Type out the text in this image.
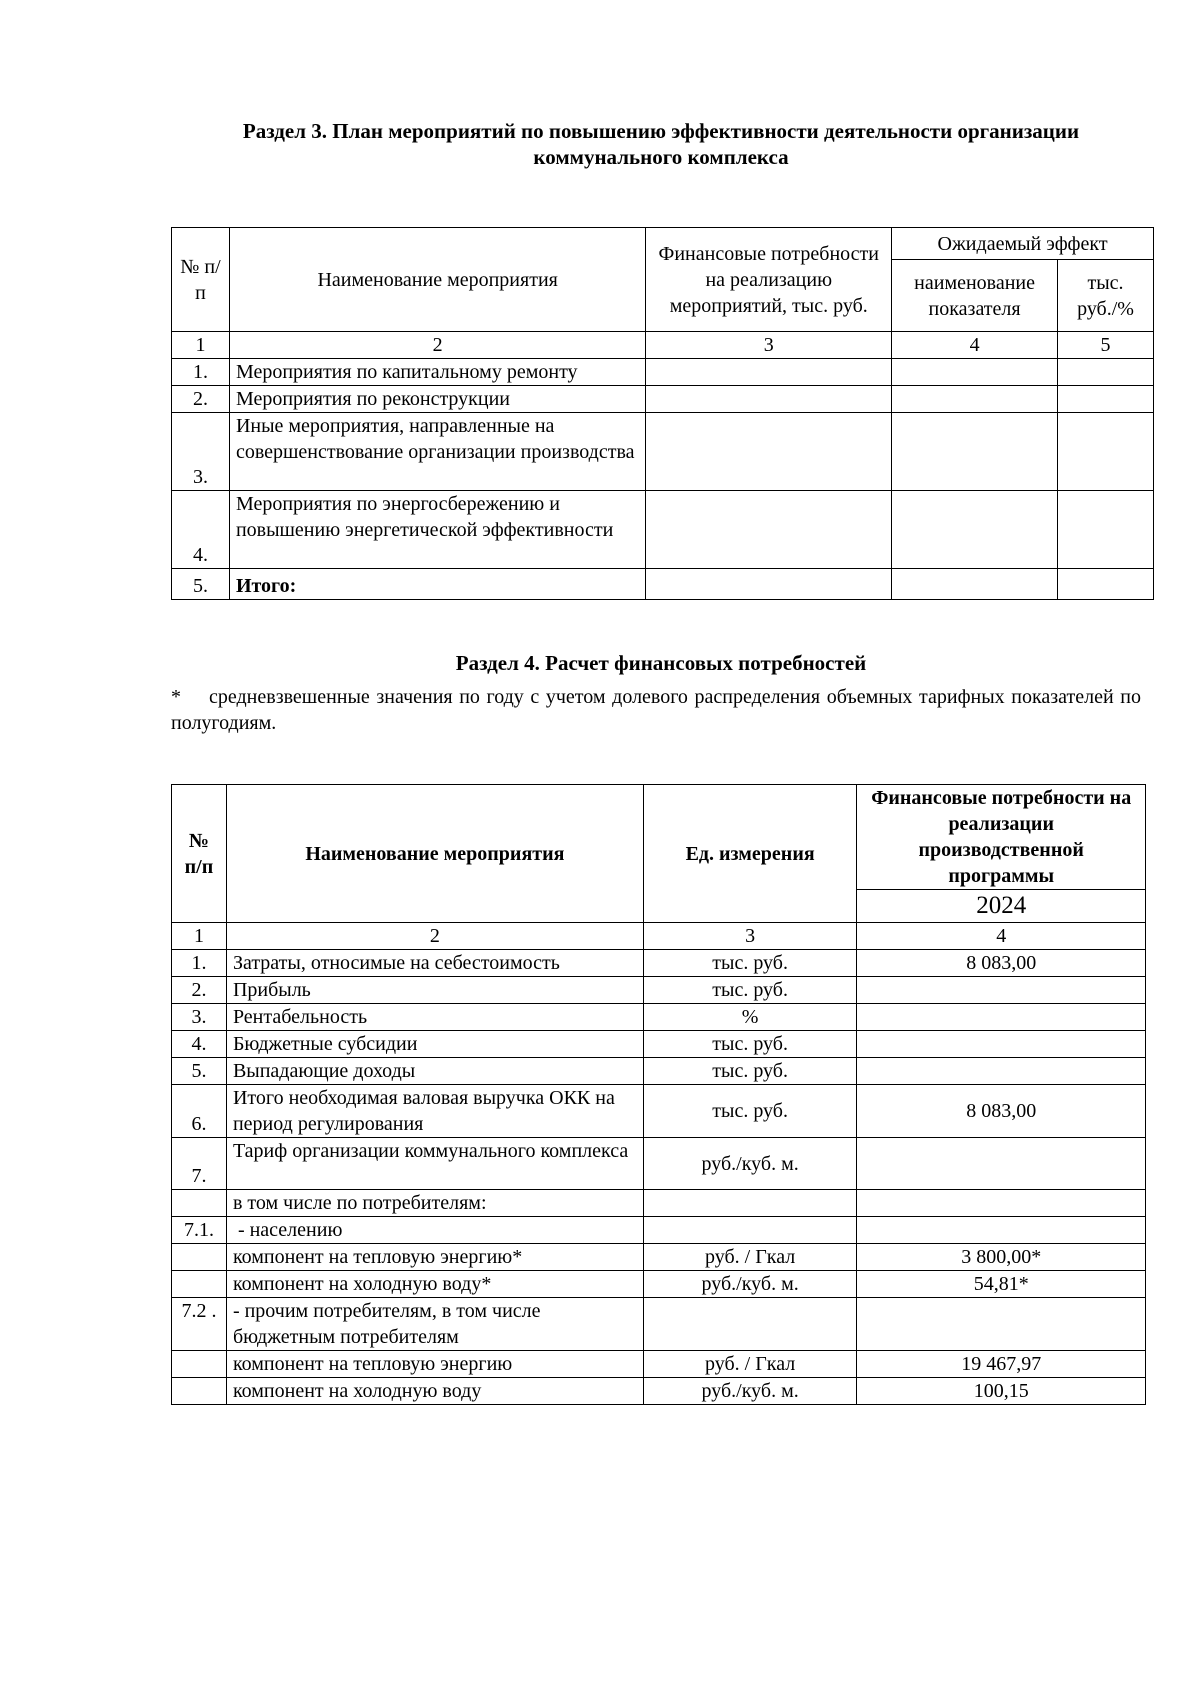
Раздел 3. План мероприятий по повышению эффективности деятельности организации
коммунального комплекса
№ п/п	Наименование мероприятия	Финансовые потребности на реализацию мероприятий, тыс. руб.	Ожидаемый эффект	
			наименование показателя	тыс. руб./%
1	2	3	4	5
1.	Мероприятия по капитальному ремонту			
2.	Мероприятия по реконструкции			
3.	Иные мероприятия, направленные на совершенствование организации производства			
4.	Мероприятия по энергосбережению и повышению энергетической эффективности			
5.	Итого:			
Раздел 4. Расчет финансовых потребностей
* средневзвешенные значения по году с учетом долевого распределения объемных тарифных показателей по полугодиям.
№ п/п	Наименование мероприятия	Ед. измерения	Финансовые потребности на реализации производственной программы
			2024
1	2	3	4
1.	Затраты, относимые на себестоимость	тыс. руб.	8 083,00
2.	Прибыль	тыс. руб.	
3.	Рентабельность	%	
4.	Бюджетные субсидии	тыс. руб.	
5.	Выпадающие доходы	тыс. руб.	
6.	Итого необходимая валовая выручка ОКК на период регулирования	тыс. руб.	8 083,00
7.	Тариф организации коммунального комплекса	руб./куб. м.	
	в том числе по потребителям:		
7.1.	- населению		
	компонент на тепловую энергию*	руб. / Гкал	3 800,00*
	компонент на холодную воду*	руб./куб. м.	54,81*
7.2 .	- прочим потребителям, в том числе бюджетным потребителям		
	компонент на тепловую энергию	руб. / Гкал	19 467,97
	компонент на холодную воду	руб./куб. м.	100,15
